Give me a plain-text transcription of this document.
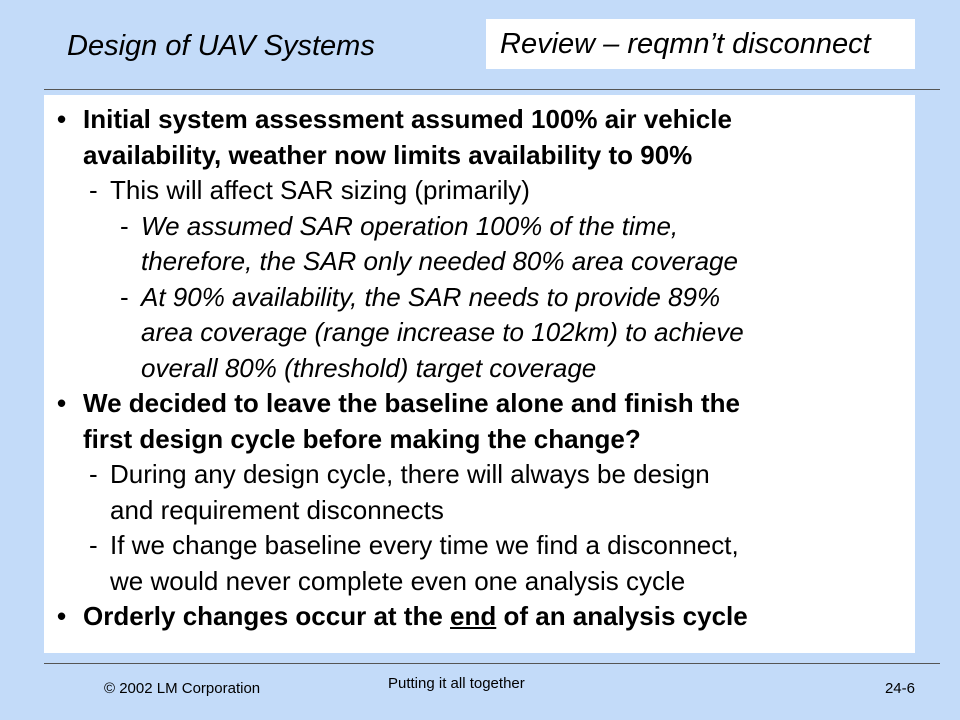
Design of UAV Systems	Review – reqmn’t disconnect
• Initial system assessment assumed 100% air vehicle
availability, weather now limits availability to 90%
- This will affect SAR sizing (primarily)
- We assumed SAR operation 100% of the time,
therefore, the SAR only needed 80% area coverage
- At 90% availability, the SAR needs to provide 89%
area coverage (range increase to 102km) to achieve
overall 80% (threshold) target coverage
• We decided to leave the baseline alone and finish the
first design cycle before making the change?
- During any design cycle, there will always be design
and requirement disconnects
- If we change baseline every time we find a disconnect,
we would never complete even one analysis cycle
• Orderly changes occur at the end of an analysis cycle
© 2002 LM Corporation	Putting it all together	24-6
